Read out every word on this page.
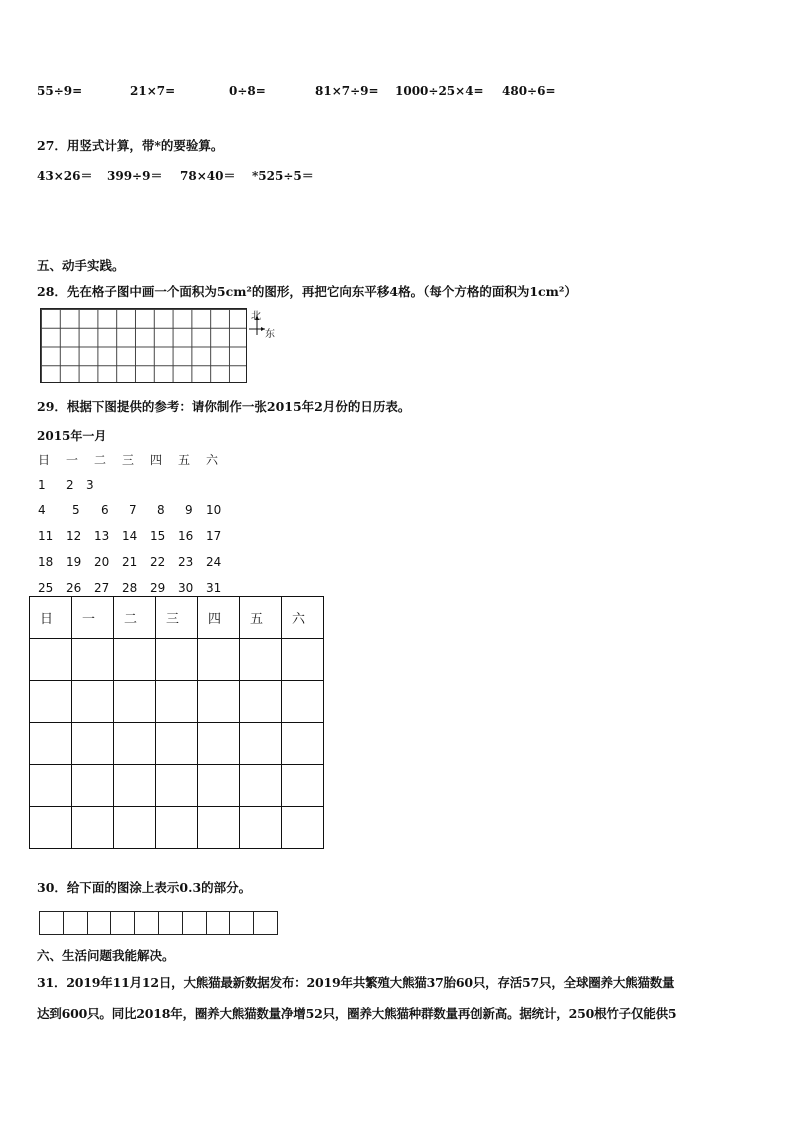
55÷9=	21×7=	0÷8=	81×7÷9= 1000÷25×4= 480÷6=
27．用竖式计算，带*的要验算。
43×26＝ 399÷9＝ 78×40＝ *525÷5＝
五、动手实践。
28．先在格子图中画一个面积为5cm²的图形，再把它向东平移4格。（每个方格的面积为1cm²）
北
东
29．根据下图提供的参考：请你制作一张2015年2月份的日历表。
2015年一月
日 一 二 三 四 五 六
1 2 3
4 5 6 7 8 9 10
11 12 13 14 15 16 17
18 19 20 21 22 23 24
25 26 27 28 29 30 31
日	一	二	三	四	五	六

30．给下面的图涂上表示0.3的部分。
六、生活问题我能解决。
31．2019年11月12日，大熊猫最新数据发布：2019年共繁殖大熊猫37胎60只，存活57只，全球圈养大熊猫数量
达到600只。同比2018年，圈养大熊猫数量净增52只，圈养大熊猫种群数量再创新高。据统计，250根竹子仅能供5
